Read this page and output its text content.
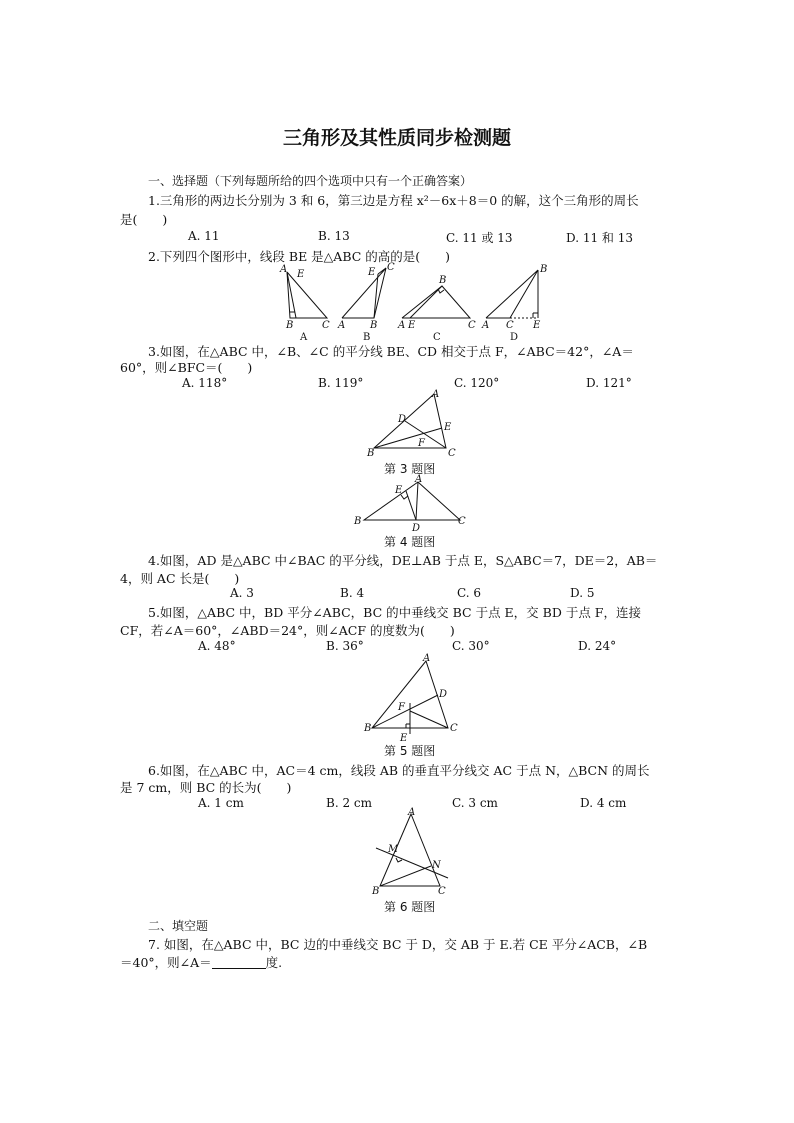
三角形及其性质同步检测题
一、选择题（下列每题所给的四个选项中只有一个正确答案）
1.三角形的两边长分别为 3 和 6，第三边是方程 x²－6x＋8＝0 的解，这个三角形的周长
是(　　)
A. 11	B. 13	C. 11 或 13	D. 11 和 13
2.下列四个图形中，线段 BE 是△ABC 的高的是(　　)
A E
B	C
A
E C
A B
B
B
A E	C
C
B
A C E
D
3.如图，在△ABC 中，∠B、∠C 的平分线 BE、CD 相交于点 F，∠ABC＝42°，∠A＝
60°，则∠BFC＝(　　)
A. 118°	B. 119°	C. 120°	D. 121°
A
D
E
F
B	C
第 3 题图
A
E
B
D
C
第 4 题图
4.如图，AD 是△ABC 中∠BAC 的平分线，DE⊥AB 于点 E，S△ABC＝7，DE＝2，AB＝
4，则 AC 长是(　　)
A. 3	B. 4	C. 6	D. 5
5.如图，△ABC 中，BD 平分∠ABC，BC 的中垂线交 BC 于点 E，交 BD 于点 F，连接
CF，若∠A＝60°，∠ABD＝24°，则∠ACF 的度数为(　　)
A. 48°	B. 36°	C. 30°	D. 24°
A
D
F
B	C
E
第 5 题图
6.如图，在△ABC 中，AC＝4 cm，线段 AB 的垂直平分线交 AC 于点 N，△BCN 的周长
是 7 cm，则 BC 的长为(　　)
A. 1 cm	B. 2 cm	C. 3 cm	D. 4 cm
A
M
N
B	C
第 6 题图
二、填空题
7. 如图，在△ABC 中，BC 边的中垂线交 BC 于 D，交 AB 于 E.若 CE 平分∠ACB，∠B
＝40°，则∠A＝	度.
